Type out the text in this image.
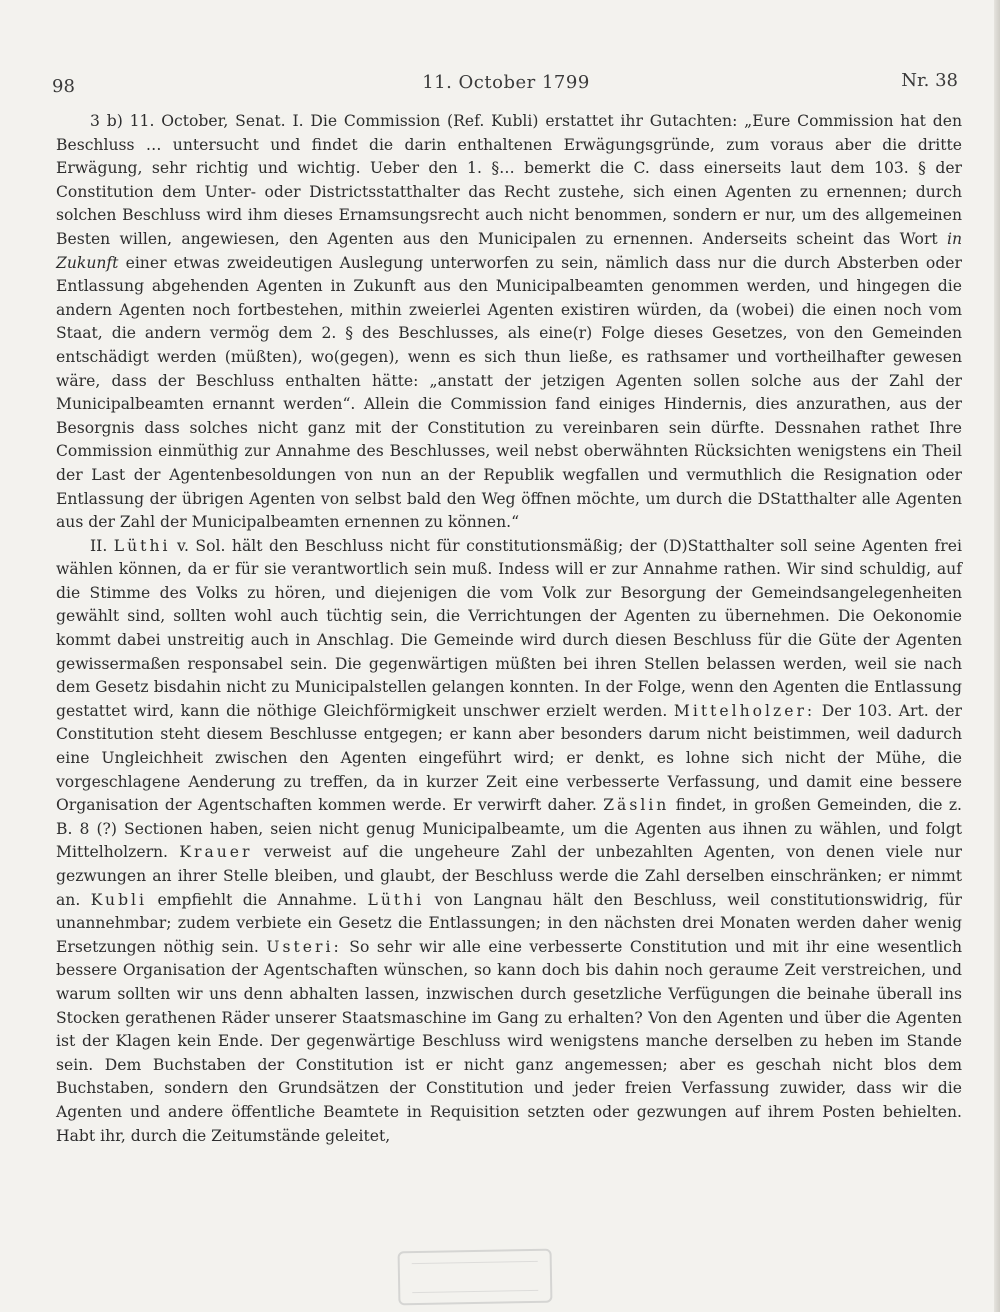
98	11. October 1799	Nr. 38

3 b) 11. October, Senat. I. Die Commission (Ref. Kubli) erstattet ihr Gutachten: „Eure Commission hat den Beschluss … untersucht und findet die darin enthaltenen Erwägungsgründe, zum voraus aber die dritte Erwägung, sehr richtig und wichtig. Ueber den 1. §… bemerkt die C. dass einerseits laut dem 103. § der Constitution dem Unter- oder Districtsstatthalter das Recht zustehe, sich einen Agenten zu ernennen; durch solchen Beschluss wird ihm dieses Ernamsungsrecht auch nicht benommen, sondern er nur, um des allgemeinen Besten willen, angewiesen, den Agenten aus den Municipalen zu ernennen. Anderseits scheint das Wort in Zukunft einer etwas zweideutigen Auslegung unterworfen zu sein, nämlich dass nur die durch Absterben oder Entlassung abgehenden Agenten in Zukunft aus den Municipalbeamten genommen werden, und hingegen die andern Agenten noch fortbestehen, mithin zweierlei Agenten existiren würden, da (wobei) die einen noch vom Staat, die andern vermög dem 2. § des Beschlusses, als eine(r) Folge dieses Gesetzes, von den Gemeinden entschädigt werden (müßten), wo(gegen), wenn es sich thun ließe, es rathsamer und vortheilhafter gewesen wäre, dass der Beschluss enthalten hätte: „anstatt der jetzigen Agenten sollen solche aus der Zahl der Municipalbeamten ernannt werden“. Allein die Commission fand einiges Hindernis, dies anzurathen, aus der Besorgnis dass solches nicht ganz mit der Constitution zu vereinbaren sein dürfte. Dessnahen rathet Ihre Commission einmüthig zur Annahme des Beschlusses, weil nebst oberwähnten Rücksichten wenigstens ein Theil der Last der Agentenbesoldungen von nun an der Republik wegfallen und vermuthlich die Resignation oder Entlassung der übrigen Agenten von selbst bald den Weg öffnen möchte, um durch die DStatthalter alle Agenten aus der Zahl der Municipalbeamten ernennen zu können.“

II. Lüthi v. Sol. hält den Beschluss nicht für constitutionsmäßig; der (D)Statthalter soll seine Agenten frei wählen können, da er für sie verantwortlich sein muß. Indess will er zur Annahme rathen. Wir sind schuldig, auf die Stimme des Volks zu hören, und diejenigen die vom Volk zur Besorgung der Gemeindsangelegenheiten gewählt sind, sollten wohl auch tüchtig sein, die Verrichtungen der Agenten zu übernehmen. Die Oekonomie kommt dabei unstreitig auch in Anschlag. Die Gemeinde wird durch diesen Beschluss für die Güte der Agenten gewissermaßen responsabel sein. Die gegenwärtigen müßten bei ihren Stellen belassen werden, weil sie nach dem Gesetz bisdahin nicht zu Municipalstellen gelangen konnten. In der Folge, wenn den Agenten die Entlassung gestattet wird, kann die nöthige Gleichförmigkeit unschwer erzielt werden. Mittelholzer: Der 103. Art. der Constitution steht diesem Beschlusse entgegen; er kann aber besonders darum nicht beistimmen, weil dadurch eine Ungleichheit zwischen den Agenten eingeführt wird; er denkt, es lohne sich nicht der Mühe, die vorgeschlagene Aenderung zu treffen, da in kurzer Zeit eine verbesserte Verfassung, und damit eine bessere Organisation der Agentschaften kommen werde. Er verwirft daher. Zäslin findet, in großen Gemeinden, die z. B. 8 (?) Sectionen haben, seien nicht genug Municipalbeamte, um die Agenten aus ihnen zu wählen, und folgt Mittelholzern. Krauer verweist auf die ungeheure Zahl der unbezahlten Agenten, von denen viele nur gezwungen an ihrer Stelle bleiben, und glaubt, der Beschluss werde die Zahl derselben einschränken; er nimmt an. Kubli empfiehlt die Annahme. Lüthi von Langnau hält den Beschluss, weil constitutionswidrig, für unannehmbar; zudem verbiete ein Gesetz die Entlassungen; in den nächsten drei Monaten werden daher wenig Ersetzungen nöthig sein. Usteri: So sehr wir alle eine verbesserte Constitution und mit ihr eine wesentlich bessere Organisation der Agentschaften wünschen, so kann doch bis dahin noch geraume Zeit verstreichen, und warum sollten wir uns denn abhalten lassen, inzwischen durch gesetzliche Verfügungen die beinahe überall ins Stocken gerathenen Räder unserer Staatsmaschine im Gang zu erhalten? Von den Agenten und über die Agenten ist der Klagen kein Ende. Der gegenwärtige Beschluss wird wenigstens manche derselben zu heben im Stande sein. Dem Buchstaben der Constitution ist er nicht ganz angemessen; aber es geschah nicht blos dem Buchstaben, sondern den Grundsätzen der Constitution und jeder freien Verfassung zuwider, dass wir die Agenten und andere öffentliche Beamtete in Requisition setzten oder gezwungen auf ihrem Posten behielten. Habt ihr, durch die Zeitumstände geleitet,
